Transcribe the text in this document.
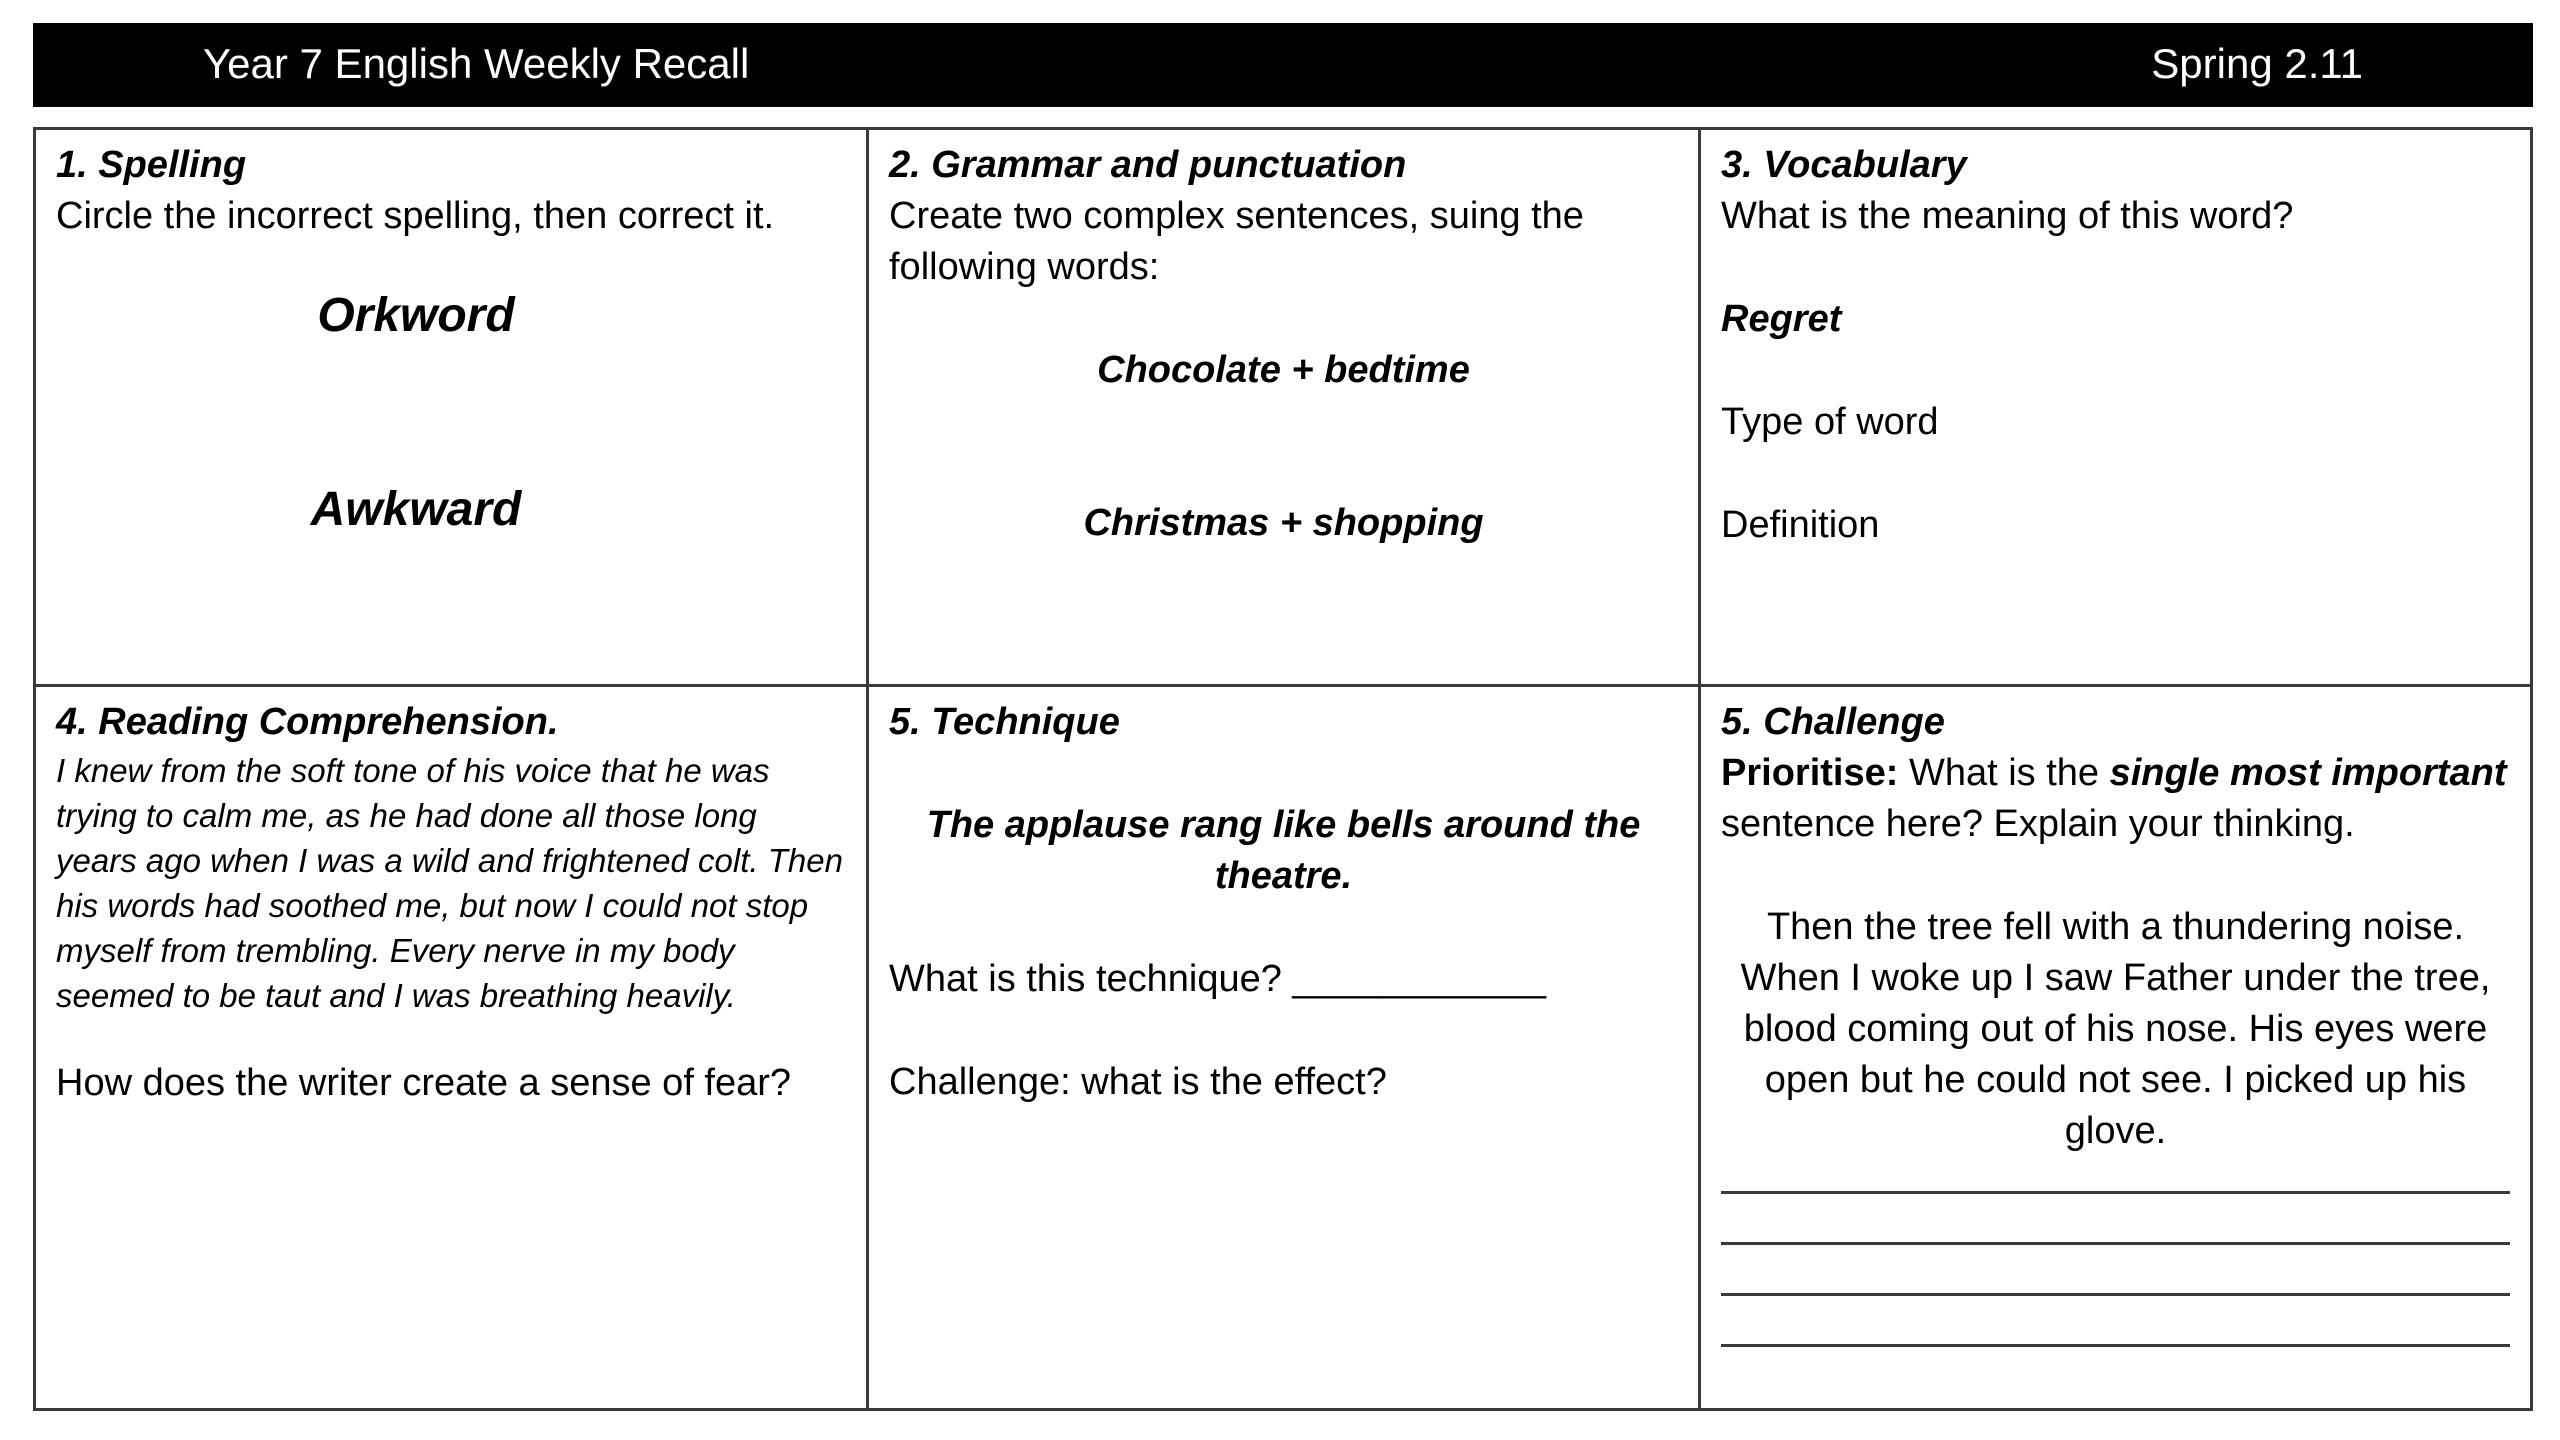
Year 7 English Weekly Recall	Spring 2.11
1. Spelling
Circle the incorrect spelling, then correct it.
Orkword
Awkward
2. Grammar and punctuation
Create two complex sentences, suing the following words:
Chocolate + bedtime
Christmas + shopping
3. Vocabulary
What is the meaning of this word?
Regret
Type of word
Definition
4. Reading Comprehension.
I knew from the soft tone of his voice that he was trying to calm me, as he had done all those long years ago when I was a wild and frightened colt. Then his words had soothed me, but now I could not stop myself from trembling. Every nerve in my body seemed to be taut and I was breathing heavily.
How does the writer create a sense of fear?
5. Technique
The applause rang like bells around the theatre.
What is this technique? ____________
Challenge: what is the effect?
5. Challenge
Prioritise: What is the single most important sentence here? Explain your thinking.
Then the tree fell with a thundering noise. When I woke up I saw Father under the tree, blood coming out of his nose. His eyes were open but he could not see. I picked up his glove.
